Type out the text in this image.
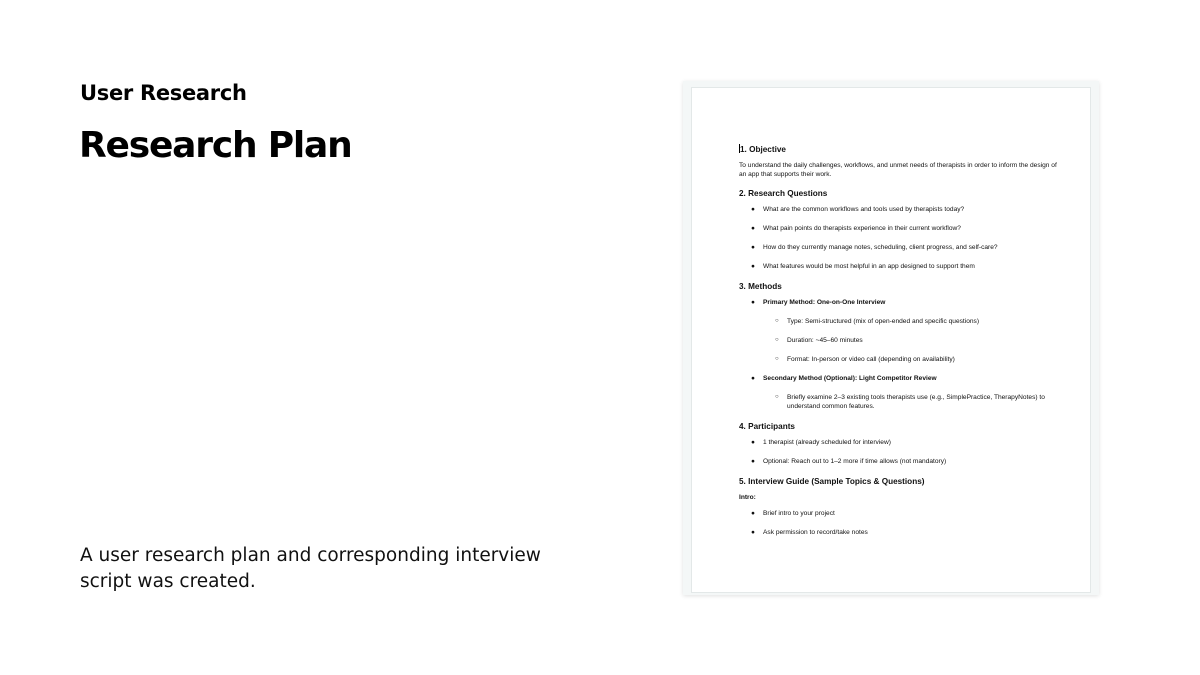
User Research
Research Plan
A user research plan and corresponding interview script was created.
1. Objective
To understand the daily challenges, workflows, and unmet needs of therapists in order to inform the design of an app that supports their work.
2. Research Questions
● What are the common workflows and tools used by therapists today?
● What pain points do therapists experience in their current workflow?
● How do they currently manage notes, scheduling, client progress, and self-care?
● What features would be most helpful in an app designed to support them
3. Methods
● Primary Method: One-on-One Interview
○ Type: Semi-structured (mix of open-ended and specific questions)
○ Duration: ~45–60 minutes
○ Format: In-person or video call (depending on availability)
● Secondary Method (Optional): Light Competitor Review
○ Briefly examine 2–3 existing tools therapists use (e.g., SimplePractice, TherapyNotes) to understand common features.
4. Participants
● 1 therapist (already scheduled for interview)
● Optional: Reach out to 1–2 more if time allows (not mandatory)
5. Interview Guide (Sample Topics & Questions)
Intro:
● Brief intro to your project
● Ask permission to record/take notes
